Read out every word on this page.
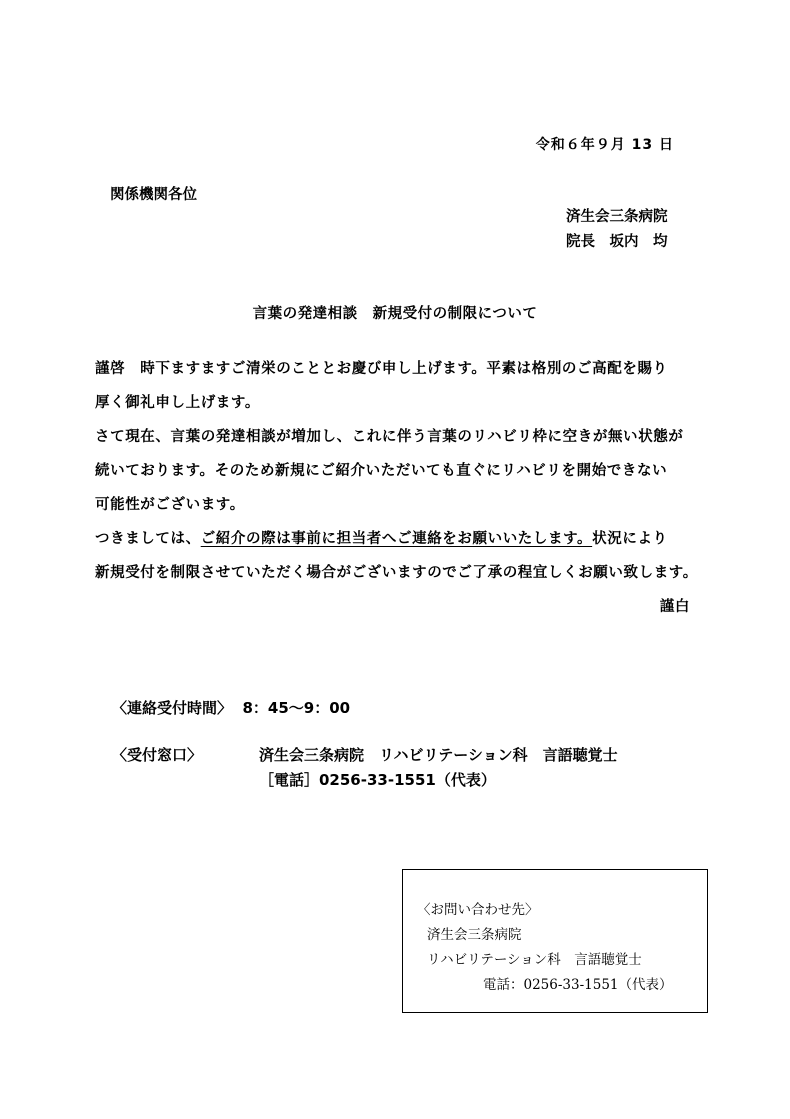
令和６年９月 13 日
関係機関各位
済生会三条病院
院長　坂内　均
言葉の発達相談　新規受付の制限について

謹啓　時下ますますご清栄のこととお慶び申し上げます。平素は格別のご高配を賜り

厚く御礼申し上げます。

さて現在、言葉の発達相談が増加し、これに伴う言葉のリハビリ枠に空きが無い状態が

続いております。そのため新規にご紹介いただいても直ぐにリハビリを開始できない

可能性がございます。

つきましては、ご紹介の際は事前に担当者へご連絡をお願いいたします。状況により

新規受付を制限させていただく場合がございますのでご了承の程宜しくお願い致します。

謹白

〈連絡受付時間〉 8：45〜9：00
〈受付窓口〉	済生会三条病院　リハビリテーション科　言語聴覚士
［電話］0256-33-1551（代表）
〈お問い合わせ先〉
済生会三条病院
リハビリテーション科　言語聴覚士
電話：0256-33-1551（代表）
